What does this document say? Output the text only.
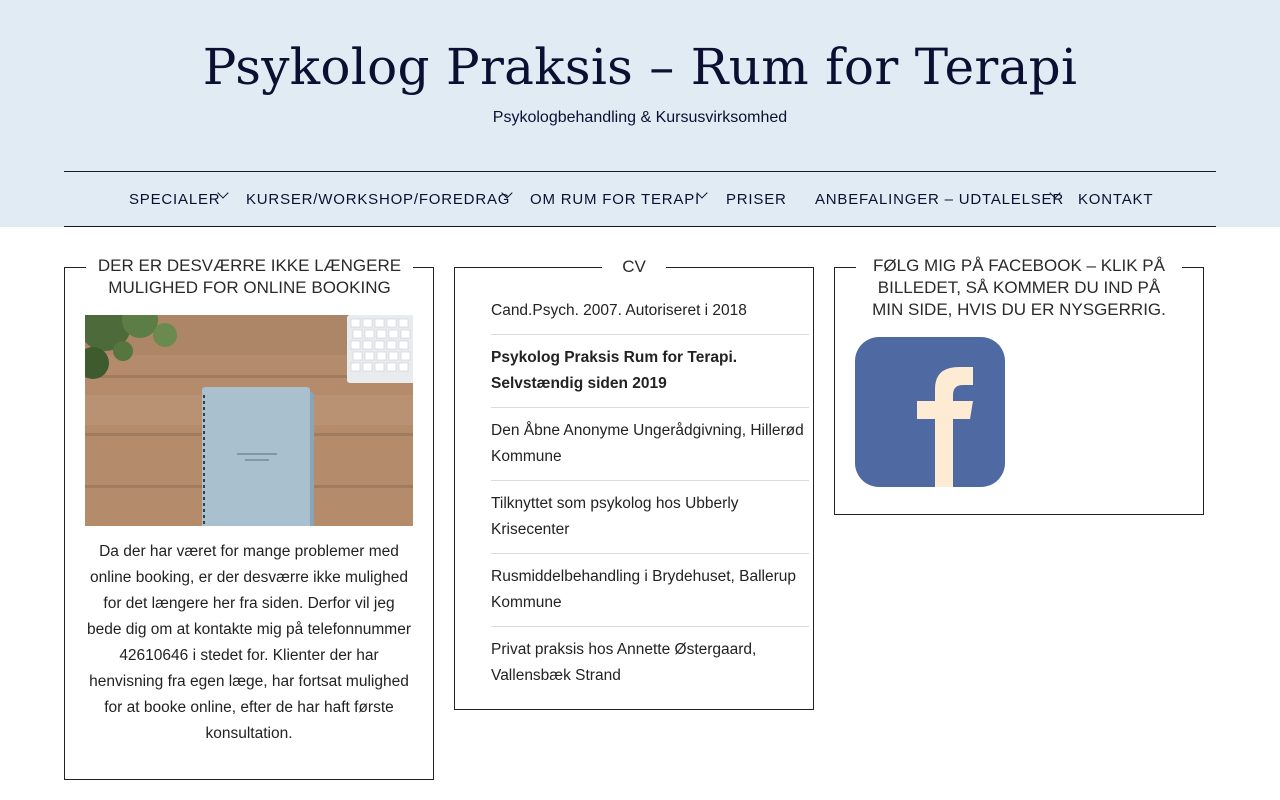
Psykolog Praksis – Rum for Terapi
Psykologbehandling & Kursusvirksomhed
SPECIALER KURSER/WORKSHOP/FOREDRAG OM RUM FOR TERAPI PRISER ANBEFALINGER – UDTALELSER KONTAKT
DER ER DESVÆRRE IKKE LÆNGERE
MULIGHED FOR ONLINE BOOKING
Da der har været for mange problemer med online booking, er der desværre ikke mulighed for det længere her fra siden. Derfor vil jeg bede dig om at kontakte mig på telefonnummer 42610646 i stedet for. Klienter der har henvisning fra egen læge, har fortsat mulighed for at booke online, efter de har haft første konsultation.
CV
Cand.Psych. 2007. Autoriseret i 2018
Psykolog Praksis Rum for Terapi.
Selvstændig siden 2019
Den Åbne Anonyme Ungerådgivning, Hillerød
Kommune
Tilknyttet som psykolog hos Ubberly
Krisecenter
Rusmiddelbehandling i Brydehuset, Ballerup
Kommune
Privat praksis hos Annette Østergaard,
Vallensbæk Strand
FØLG MIG PÅ FACEBOOK – KLIK PÅ
BILLEDET, SÅ KOMMER DU IND PÅ
MIN SIDE, HVIS DU ER NYSGERRIG.
